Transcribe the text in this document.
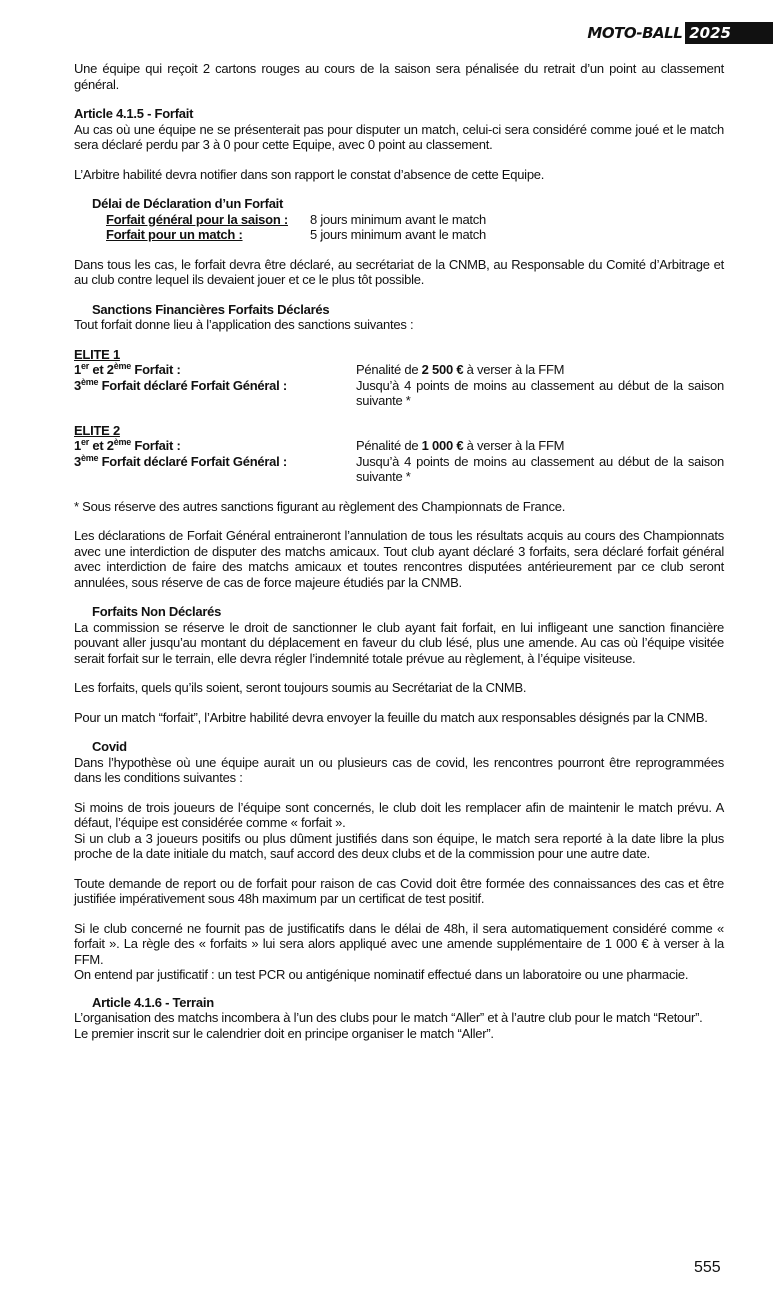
MOTO-BALL 2025

Une équipe qui reçoit 2 cartons rouges au cours de la saison sera pénalisée du retrait d’un point au classement général.

Article 4.1.5 - Forfait

Au cas où une équipe ne se présenterait pas pour disputer un match, celui-ci sera considéré comme joué et le match sera déclaré perdu par 3 à 0 pour cette Equipe, avec 0 point au classement.

L’Arbitre habilité devra notifier dans son rapport le constat d’absence de cette Equipe.

Délai de Déclaration d’un Forfait

Forfait général pour la saison :	8 jours minimum avant le match
Forfait pour un match :	5 jours minimum avant le match

Dans tous les cas, le forfait devra être déclaré, au secrétariat de la CNMB, au Responsable du Comité d’Arbitrage et au club contre lequel ils devaient jouer et ce le plus tôt possible.

Sanctions Financières Forfaits Déclarés

Tout forfait donne lieu à l’application des sanctions suivantes :

ELITE 1

1er et 2ème Forfait :	Pénalité de 2 500 € à verser à la FFM
3ème Forfait déclaré Forfait Général :	Jusqu’à 4 points de moins au classement au début de la saison suivante *

ELITE 2

1er et 2ème Forfait :	Pénalité de 1 000 € à verser à la FFM
3ème Forfait déclaré Forfait Général :	Jusqu’à 4 points de moins au classement au début de la saison suivante *

* Sous réserve des autres sanctions figurant au règlement des Championnats de France.

Les déclarations de Forfait Général entraineront l’annulation de tous les résultats acquis au cours des Championnats avec une interdiction de disputer des matchs amicaux. Tout club ayant déclaré 3 forfaits, sera déclaré forfait général avec interdiction de faire des matchs amicaux et toutes rencontres disputées antérieurement par ce club seront annulées, sous réserve de cas de force majeure étudiés par la CNMB.

Forfaits Non Déclarés

La commission se réserve le droit de sanctionner le club ayant fait forfait, en lui infligeant une sanction financière pouvant aller jusqu’au montant du déplacement en faveur du club lésé, plus une amende. Au cas où l’équipe visitée serait forfait sur le terrain, elle devra régler l’indemnité totale prévue au règlement, à l’équipe visiteuse.

Les forfaits, quels qu’ils soient, seront toujours soumis au Secrétariat de la CNMB.

Pour un match “forfait”, l’Arbitre habilité devra envoyer la feuille du match aux responsables désignés par la CNMB.

Covid

Dans l’hypothèse où une équipe aurait un ou plusieurs cas de covid, les rencontres pourront être reprogrammées dans les conditions suivantes :

Si moins de trois joueurs de l’équipe sont concernés, le club doit les remplacer afin de maintenir le match prévu. A défaut, l’équipe est considérée comme « forfait ».

Si un club a 3 joueurs positifs ou plus dûment justifiés dans son équipe, le match sera reporté à la date libre la plus proche de la date initiale du match, sauf accord des deux clubs et de la commission pour une autre date.

Toute demande de report ou de forfait pour raison de cas Covid doit être formée des connaissances des cas et être justifiée impérativement sous 48h maximum par un certificat de test positif.

Si le club concerné ne fournit pas de justificatifs dans le délai de 48h, il sera automatiquement considéré comme « forfait ». La règle des « forfaits » lui sera alors appliqué avec une amende supplémentaire de 1 000 € à verser à la FFM.

On entend par justificatif : un test PCR ou antigénique nominatif effectué dans un laboratoire ou une pharmacie.

Article 4.1.6 - Terrain

L’organisation des matchs incombera à l’un des clubs pour le match “Aller” et à l’autre club pour le match “Retour”.

Le premier inscrit sur le calendrier doit en principe organiser le match “Aller”.

555
